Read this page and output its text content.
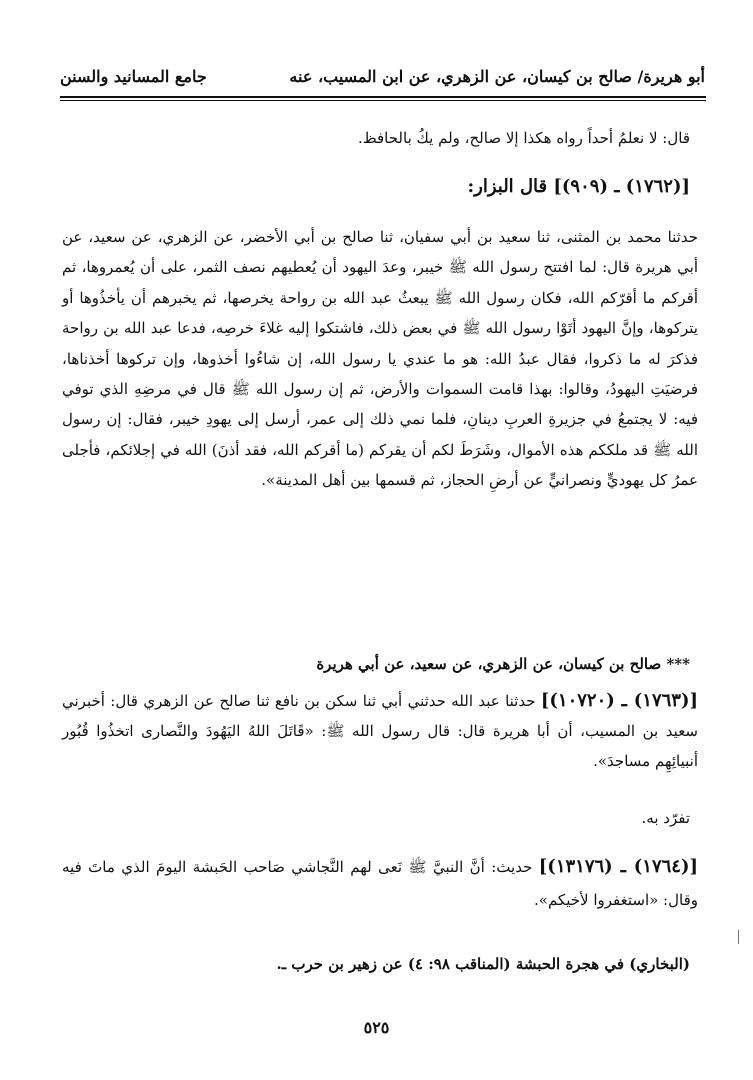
أبو هريرة/ صالح بن كيسان، عن الزهري، عن ابن المسيب، عنه
جامع المسانيد والسنن
قال: لا نعلمُ أحداً رواه هكذا إلا صالح، ولم يكُ بالحافظ.
[(١٧٦٢) ـ (٩٠٩)] قال البزار:
حدثنا محمد بن المثنى، ثنا سعيد بن أبي سفيان، ثنا صالح بن أبي الأخضر، عن الزهري، عن سعيد، عن أبي هريرة قال: لما افتتح رسول الله ﷺ خيبر، وعدَ اليهود أن يُعطيهم نصف الثمر، على أن يُعمروها، ثم أقركم ما أقرّكم الله، فكان رسول الله ﷺ يبعثُ عبد الله بن رواحة يخرصها، ثم يخبرهم أن يأخذُوها أو يتركوها، وإنَّ اليهود أتَوْا رسول الله ﷺ في بعض ذلك، فاشتكوا إليه غلاءَ خرصِه، فدعا عبد الله بن رواحة فذكرَ له ما ذكروا، فقال عبدُ الله: هو ما عندي يا رسول الله، إن شاءُوا أخذوها، وإن تركوها أخذناها، فرضيَتِ اليهودُ، وقالوا: بهذا قامت السموات والأرض، ثم إن رسول الله ﷺ قال في مرضِهِ الذي توفي فيه: لا يجتمعُ في جزيرةِ العربِ دينانِ، فلما نمي ذلك إلى عمر، أرسل إلى يهودِ خيبر، فقال: إن رسول الله ﷺ قد ملككم هذه الأموال، وشَرَطَ لكم أن يقركم (ما أقركم الله، فقد أذنَ) الله في إجلائكم، فأجلى عمرُ كل يهوديٍّ ونصرانيٍّ عن أرضِ الحجاز، ثم قسمها بين أهل المدينة».
*** صالح بن كيسان، عن الزهري، عن سعيد، عن أبي هريرة
[(١٧٦٣) ـ (١٠٧٢٠)] حدثنا عبد الله حدثني أبي ثنا سكن بن نافع ثنا صالح عن الزهري قال: أخبرني سعيد بن المسيب، أن أبا هريرة قال: قال رسول الله ﷺ: «قَاتَلَ اللهُ اليَهُودَ والنَّصارى اتخذُوا قُبُور أنبيائِهِم مساجدَ».
تفرّد به.
[(١٧٦٤) ـ (١٣١٧٦)] حديث: أنَّ النبيَّ ﷺ نَعى لهم النَّجاشي صَاحب الحَبشة اليومَ الذي ماتَ فيه وقال: «استغفروا لأخيكم».
(البخاري) في هجرة الحبشة (المناقب ٩٨: ٤) عن زهير بن حرب ـ.
٥٢٥
